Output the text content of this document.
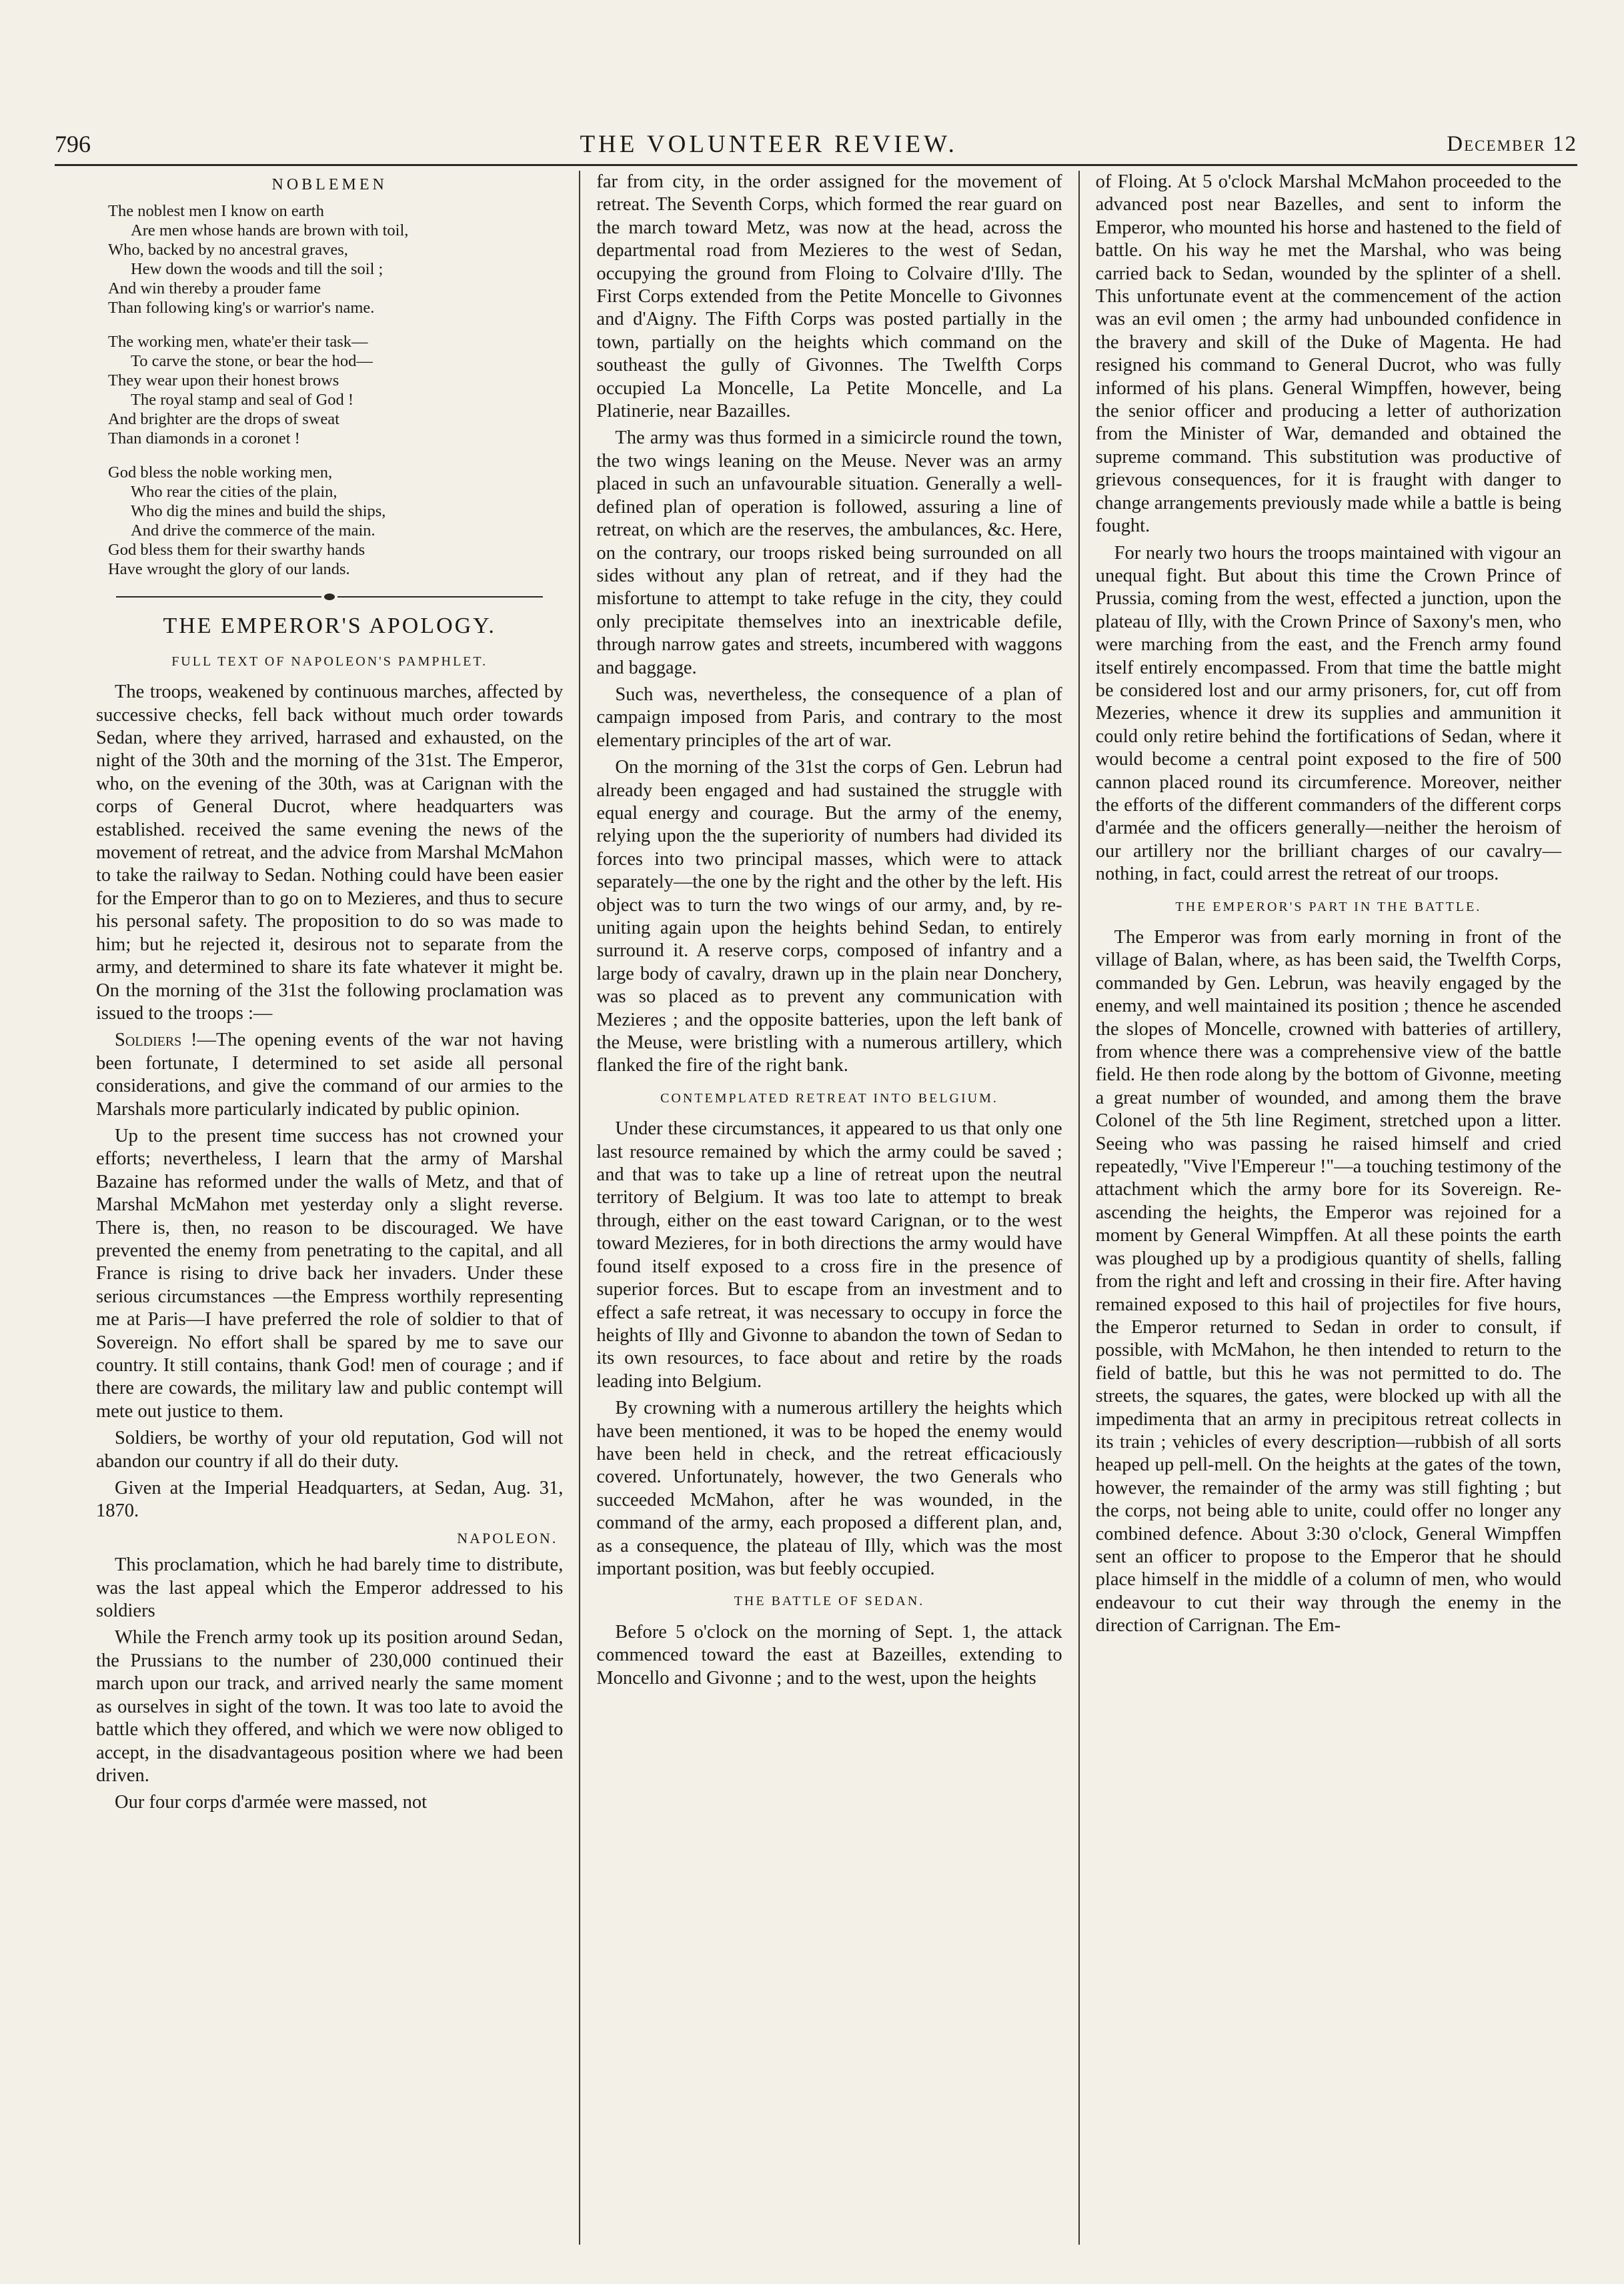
796	THE VOLUNTEER REVIEW.	December 12
NOBLEMEN
The noblest men I know on earth
Are men whose hands are brown with toil,
Who, backed by no ancestral graves,
Hew down the woods and till the soil ;
And win thereby a prouder fame
Than following king's or warrior's name.
The working men, whate'er their task—
To carve the stone, or bear the hod—
They wear upon their honest brows
The royal stamp and seal of God !
And brighter are the drops of sweat
Than diamonds in a coronet !
God bless the noble working men,
Who rear the cities of the plain,
Who dig the mines and build the ships,
And drive the commerce of the main.
God bless them for their swarthy hands
Have wrought the glory of our lands.
THE EMPEROR'S APOLOGY.
FULL TEXT OF NAPOLEON'S PAMPHLET.

The troops, weakened by continuous marches, affected by successive checks, fell back without much order towards Sedan, where they arrived, harrased and exhausted, on the night of the 30th and the morning of the 31st. The Emperor, who, on the evening of the 30th, was at Carignan with the corps of General Ducrot, where headquarters was established. received the same evening the news of the movement of retreat, and the advice from Marshal McMahon to take the railway to Sedan. Nothing could have been easier for the Emperor than to go on to Mezieres, and thus to secure his personal safety. The proposition to do so was made to him; but he rejected it, desirous not to separate from the army, and determined to share its fate whatever it might be. On the morning of the 31st the following proclamation was issued to the troops :—

Soldiers !—The opening events of the war not having been fortunate, I determined to set aside all personal considerations, and give the command of our armies to the Marshals more particularly indicated by public opinion.

Up to the present time success has not crowned your efforts; nevertheless, I learn that the army of Marshal Bazaine has reformed under the walls of Metz, and that of Marshal McMahon met yesterday only a slight reverse. There is, then, no reason to be discouraged. We have prevented the enemy from penetrating to the capital, and all France is rising to drive back her invaders. Under these serious circumstances —the Empress worthily representing me at Paris—I have preferred the role of soldier to that of Sovereign. No effort shall be spared by me to save our country. It still contains, thank God! men of courage ; and if there are cowards, the military law and public contempt will mete out justice to them.

Soldiers, be worthy of your old reputation, God will not abandon our country if all do their duty.

Given at the Imperial Headquarters, at Sedan, Aug. 31, 1870.

NAPOLEON.

This proclamation, which he had barely time to distribute, was the last appeal which the Emperor addressed to his soldiers

While the French army took up its position around Sedan, the Prussians to the number of 230,000 continued their march upon our track, and arrived nearly the same moment as ourselves in sight of the town. It was too late to avoid the battle which they offered, and which we were now obliged to accept, in the disadvantageous position where we had been driven.

Our four corps d'armée were massed, not

far from city, in the order assigned for the movement of retreat. The Seventh Corps, which formed the rear guard on the march toward Metz, was now at the head, across the departmental road from Mezieres to the west of Sedan, occupying the ground from Floing to Colvaire d'Illy. The First Corps extended from the Petite Moncelle to Givonnes and d'Aigny. The Fifth Corps was posted partially in the town, partially on the heights which command on the southeast the gully of Givonnes. The Twelfth Corps occupied La Moncelle, La Petite Moncelle, and La Platinerie, near Bazailles.

The army was thus formed in a simicircle round the town, the two wings leaning on the Meuse. Never was an army placed in such an unfavourable situation. Generally a well-defined plan of operation is followed, assuring a line of retreat, on which are the reserves, the ambulances, &c. Here, on the contrary, our troops risked being surrounded on all sides without any plan of retreat, and if they had the misfortune to attempt to take refuge in the city, they could only precipitate themselves into an inextricable defile, through narrow gates and streets, incumbered with waggons and baggage.

Such was, nevertheless, the consequence of a plan of campaign imposed from Paris, and contrary to the most elementary principles of the art of war.

On the morning of the 31st the corps of Gen. Lebrun had already been engaged and had sustained the struggle with equal energy and courage. But the army of the enemy, relying upon the the superiority of numbers had divided its forces into two principal masses, which were to attack separately—the one by the right and the other by the left. His object was to turn the two wings of our army, and, by re-uniting again upon the heights behind Sedan, to entirely surround it. A reserve corps, composed of infantry and a large body of cavalry, drawn up in the plain near Donchery, was so placed as to prevent any communication with Mezieres ; and the opposite batteries, upon the left bank of the Meuse, were bristling with a numerous artillery, which flanked the fire of the right bank.

CONTEMPLATED RETREAT INTO BELGIUM.

Under these circumstances, it appeared to us that only one last resource remained by which the army could be saved ; and that was to take up a line of retreat upon the neutral territory of Belgium. It was too late to attempt to break through, either on the east toward Carignan, or to the west toward Mezieres, for in both directions the army would have found itself exposed to a cross fire in the presence of superior forces. But to escape from an investment and to effect a safe retreat, it was necessary to occupy in force the heights of Illy and Givonne to abandon the town of Sedan to its own resources, to face about and retire by the roads leading into Belgium.

By crowning with a numerous artillery the heights which have been mentioned, it was to be hoped the enemy would have been held in check, and the retreat efficaciously covered. Unfortunately, however, the two Generals who succeeded McMahon, after he was wounded, in the command of the army, each proposed a different plan, and, as a consequence, the plateau of Illy, which was the most important position, was but feebly occupied.

THE BATTLE OF SEDAN.

Before 5 o'clock on the morning of Sept. 1, the attack commenced toward the east at Bazeilles, extending to Moncello and Givonne ; and to the west, upon the heights

of Floing. At 5 o'clock Marshal McMahon proceeded to the advanced post near Bazelles, and sent to inform the Emperor, who mounted his horse and hastened to the field of battle. On his way he met the Marshal, who was being carried back to Sedan, wounded by the splinter of a shell. This unfortunate event at the commencement of the action was an evil omen ; the army had unbounded confidence in the bravery and skill of the Duke of Magenta. He had resigned his command to General Ducrot, who was fully informed of his plans. General Wimpffen, however, being the senior officer and producing a letter of authorization from the Minister of War, demanded and obtained the supreme command. This substitution was productive of grievous consequences, for it is fraught with danger to change arrangements previously made while a battle is being fought.

For nearly two hours the troops maintained with vigour an unequal fight. But about this time the Crown Prince of Prussia, coming from the west, effected a junction, upon the plateau of Illy, with the Crown Prince of Saxony's men, who were marching from the east, and the French army found itself entirely encompassed. From that time the battle might be considered lost and our army prisoners, for, cut off from Mezeries, whence it drew its supplies and ammunition it could only retire behind the fortifications of Sedan, where it would become a central point exposed to the fire of 500 cannon placed round its circumference. Moreover, neither the efforts of the different commanders of the different corps d'armée and the officers generally—neither the heroism of our artillery nor the brilliant charges of our cavalry—nothing, in fact, could arrest the retreat of our troops.

THE EMPEROR'S PART IN THE BATTLE.

The Emperor was from early morning in front of the village of Balan, where, as has been said, the Twelfth Corps, commanded by Gen. Lebrun, was heavily engaged by the enemy, and well maintained its position ; thence he ascended the slopes of Moncelle, crowned with batteries of artillery, from whence there was a comprehensive view of the battle field. He then rode along by the bottom of Givonne, meeting a great number of wounded, and among them the brave Colonel of the 5th line Regiment, stretched upon a litter. Seeing who was passing he raised himself and cried repeatedly, "Vive l'Empereur !"—a touching testimony of the attachment which the army bore for its Sovereign. Re-ascending the heights, the Emperor was rejoined for a moment by General Wimpffen. At all these points the earth was ploughed up by a prodigious quantity of shells, falling from the right and left and crossing in their fire. After having remained exposed to this hail of projectiles for five hours, the Emperor returned to Sedan in order to consult, if possible, with McMahon, he then intended to return to the field of battle, but this he was not permitted to do. The streets, the squares, the gates, were blocked up with all the impedimenta that an army in precipitous retreat collects in its train ; vehicles of every description—rubbish of all sorts heaped up pell-mell. On the heights at the gates of the town, however, the remainder of the army was still fighting ; but the corps, not being able to unite, could offer no longer any combined defence. About 3:30 o'clock, General Wimpffen sent an officer to propose to the Emperor that he should place himself in the middle of a column of men, who would endeavour to cut their way through the enemy in the direction of Carrignan. The Em-
